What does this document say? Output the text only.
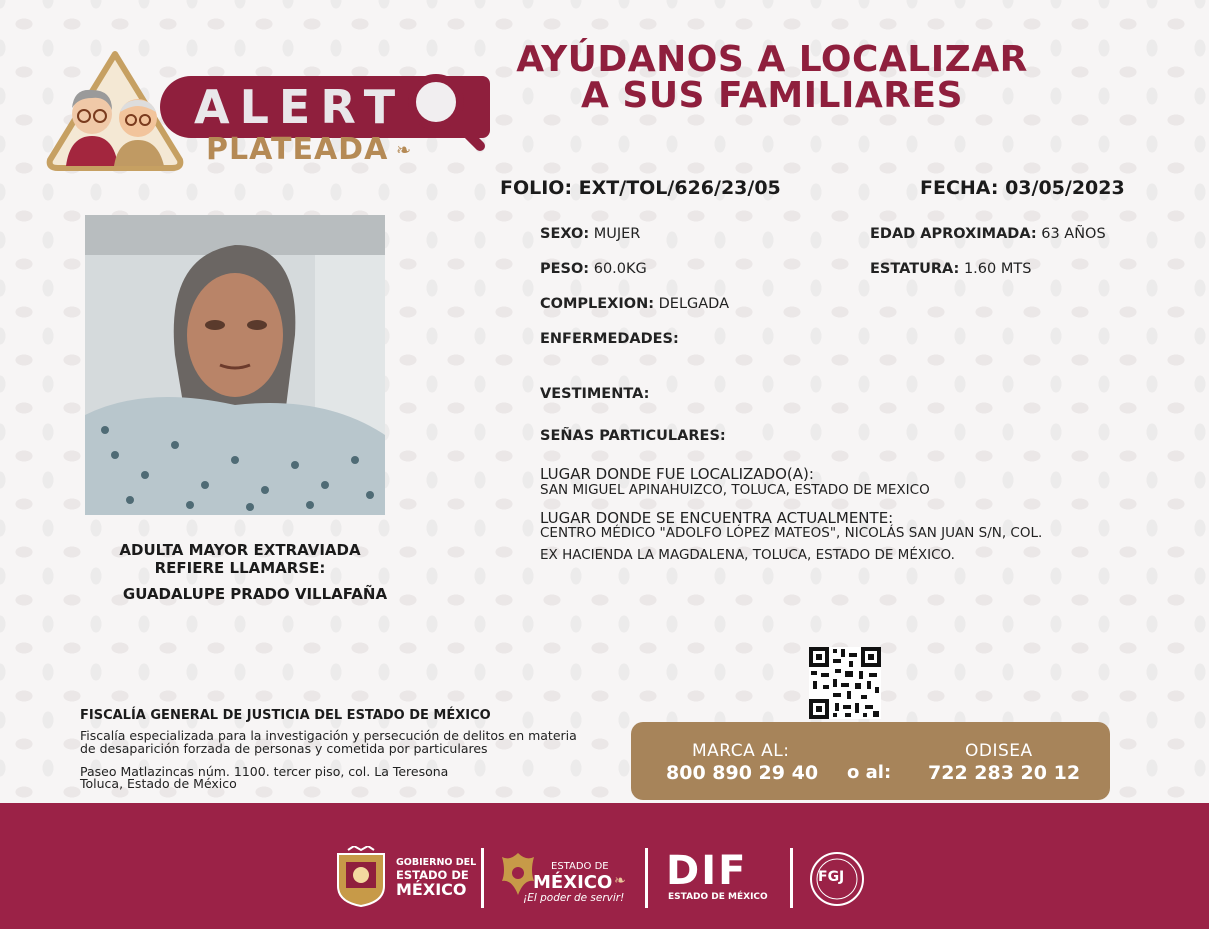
ALERT
PLATEADA ❧
AYÚDANOS A LOCALIZAR
A SUS FAMILIARES
FOLIO: EXT/TOL/626/23/05	FECHA: 03/05/2023
ADULTA MAYOR EXTRAVIADA
REFIERE LLAMARSE:
GUADALUPE PRADO VILLAFAÑA
SEXO: MUJER	EDAD APROXIMADA: 63 AÑOS
PESO: 60.0KG	ESTATURA: 1.60 MTS
COMPLEXION: DELGADA
ENFERMEDADES:
VESTIMENTA:
SEÑAS PARTICULARES:
LUGAR DONDE FUE LOCALIZADO(A):
SAN MIGUEL APINAHUIZCO, TOLUCA, ESTADO DE MEXICO
LUGAR DONDE SE ENCUENTRA ACTUALMENTE:
CENTRO MÉDICO "ADOLFO LÓPEZ MATEOS", NICOLÁS SAN JUAN S/N, COL.
EX HACIENDA LA MAGDALENA, TOLUCA, ESTADO DE MÉXICO.
FISCALÍA GENERAL DE JUSTICIA DEL ESTADO DE MÉXICO
Fiscalía especializada para la investigación y persecución de delitos en materia
de desaparición forzada de personas y cometida por particulares
Paseo Matlazincas núm. 1100. tercer piso, col. La Teresona
Toluca, Estado de México
MARCA AL:
800 890 29 40 o al:
ODISEA
722 283 20 12
GOBIERNO DEL
ESTADO DE
MÉXICO
ESTADO DE
MÉXICO ❧
¡El poder de servir!
DIF
ESTADO DE MÉXICO
FGJ
